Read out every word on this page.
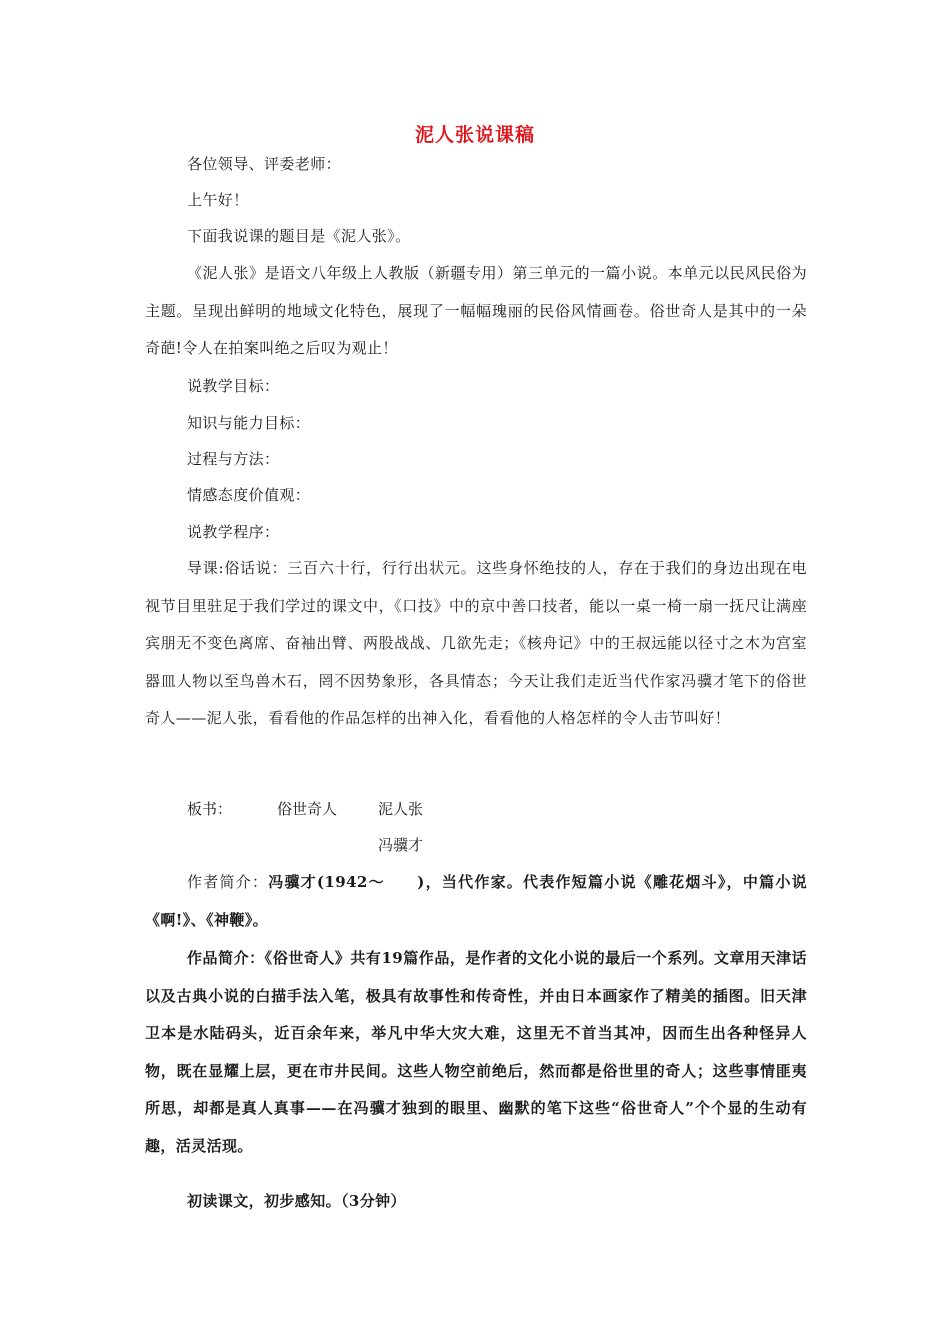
泥人张说课稿

各位领导、评委老师：

上午好！

下面我说课的题目是《泥人张》。

《泥人张》是语文八年级上人教版（新疆专用）第三单元的一篇小说。本单元以民风民俗为主题。呈现出鲜明的地域文化特色，展现了一幅幅瑰丽的民俗风情画卷。俗世奇人是其中的一朵奇葩!令人在拍案叫绝之后叹为观止！

说教学目标：

知识与能力目标：

过程与方法：

情感态度价值观：

说教学程序：

导课:俗话说：三百六十行，行行出状元。这些身怀绝技的人，存在于我们的身边出现在电视节目里驻足于我们学过的课文中，《口技》中的京中善口技者，能以一桌一椅一扇一抚尺让满座宾朋无不变色离席、奋袖出臂、两股战战、几欲先走；《核舟记》中的王叔远能以径寸之木为宫室器皿人物以至鸟兽木石，罔不因势象形，各具情态；今天让我们走近当代作家冯骥才笔下的俗世奇人——泥人张，看看他的作品怎样的出神入化，看看他的人格怎样的令人击节叫好！

板书：	俗世奇人	泥人张
冯骥才

作者简介：冯骥才(1942～　　)，当代作家。代表作短篇小说《雕花烟斗》，中篇小说《啊!》、《神鞭》。

作品简介：《俗世奇人》共有19篇作品，是作者的文化小说的最后一个系列。文章用天津话以及古典小说的白描手法入笔，极具有故事性和传奇性，并由日本画家作了精美的插图。旧天津卫本是水陆码头，近百余年来，举凡中华大灾大难，这里无不首当其冲，因而生出各种怪异人物，既在显耀上层，更在市井民间。这些人物空前绝后，然而都是俗世里的奇人；这些事情匪夷所思，却都是真人真事——在冯骥才独到的眼里、幽默的笔下这些“俗世奇人”个个显的生动有趣，活灵活现。

初读课文，初步感知。（3分钟）
